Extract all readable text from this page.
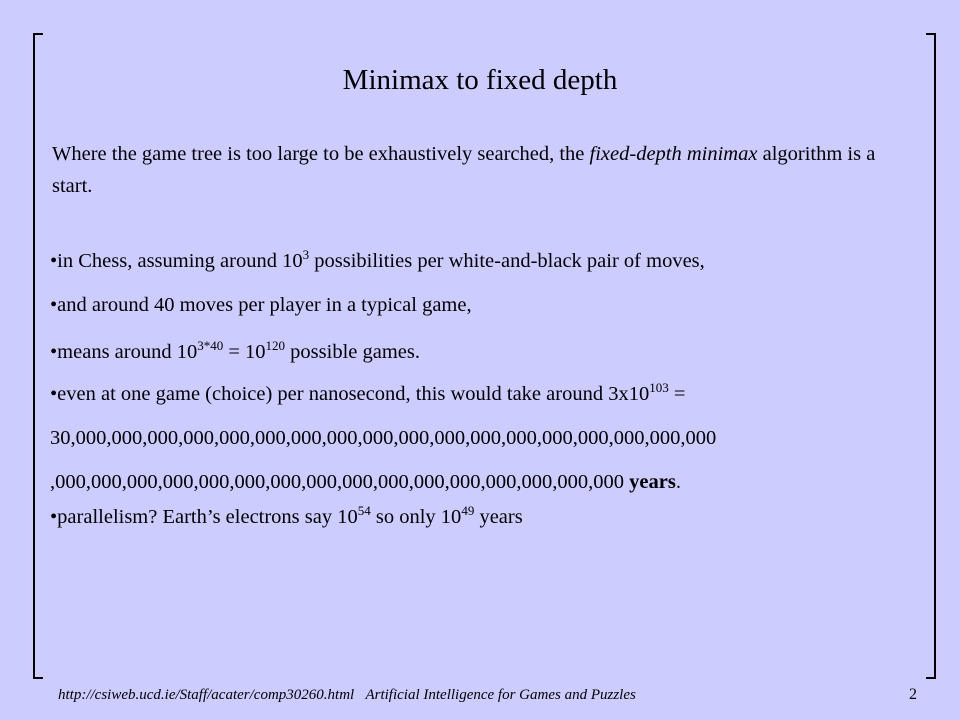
Minimax to fixed depth
Where the game tree is too large to be exhaustively searched, the fixed-depth minimax algorithm is a start.
•in Chess, assuming around $10^3$ possibilities per white-and-black pair of moves,
•and around 40 moves per player in a typical game,
•means around $10^{3*40} = 10^{120}$ possible games.
•even at one game (choice) per nanosecond, this would take around $3x10^{103}$ =
30,000,000,000,000,000,000,000,000,000,000,000,000,000,000,000,000,000,000
,000,000,000,000,000,000,000,000,000,000,000,000,000,000,000,000 years.
•parallelism? Earth’s electrons say $10^{54}$ so only $10^{49}$ years
http://csiweb.ucd.ie/Staff/acater/comp30260.html Artificial Intelligence for Games and Puzzles	2
